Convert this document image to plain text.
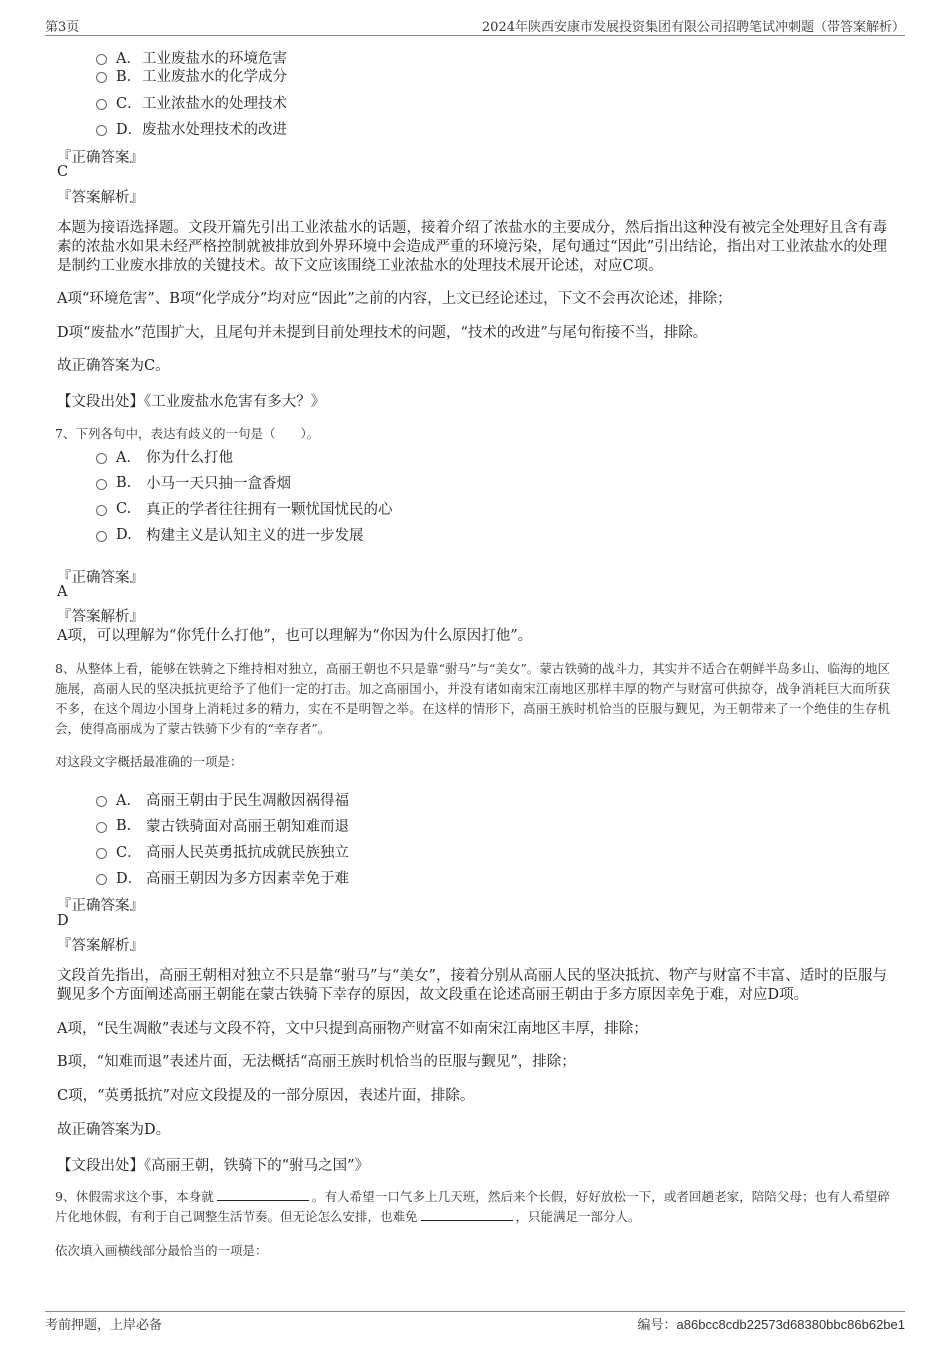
第3页	2024年陕西安康市发展投资集团有限公司招聘笔试冲刺题（带答案解析）
A． 工业废盐水的环境危害
B． 工业废盐水的化学成分
C． 工业浓盐水的处理技术
D． 废盐水处理技术的改进
『正确答案』
C
『答案解析』
本题为接语选择题。文段开篇先引出工业浓盐水的话题，接着介绍了浓盐水的主要成分，然后指出这种没有被完全处理好且含有毒素的浓盐水如果未经严格控制就被排放到外界环境中会造成严重的环境污染，尾句通过“因此”引出结论，指出对工业浓盐水的处理是制约工业废水排放的关键技术。故下文应该围绕工业浓盐水的处理技术展开论述，对应C项。
A项“环境危害”、B项“化学成分”均对应“因此”之前的内容，上文已经论述过，下文不会再次论述，排除；
D项“废盐水”范围扩大，且尾句并未提到目前处理技术的问题，“技术的改进”与尾句衔接不当，排除。
故正确答案为C。
【文段出处】《工业废盐水危害有多大？》
7、下列各句中，表达有歧义的一句是（　　）。
A． 你为什么打他
B.	小马一天只抽一盒香烟
C.	真正的学者往往拥有一颗忧国忧民的心
D. 构建主义是认知主义的进一步发展
『正确答案』
A
『答案解析』
A项，可以理解为“你凭什么打他”，也可以理解为“你因为什么原因打他”。
8、从整体上看，能够在铁骑之下维持相对独立，高丽王朝也不只是靠“驸马”与“美女”。蒙古铁骑的战斗力，其实并不适合在朝鲜半岛多山、临海的地区施展，高丽人民的坚决抵抗更给予了他们一定的打击。加之高丽国小，并没有诸如南宋江南地区那样丰厚的物产与财富可供掠夺，战争消耗巨大而所获不多，在这个周边小国身上消耗过多的精力，实在不是明智之举。在这样的情形下，高丽王族时机恰当的臣服与觐见，为王朝带来了一个绝佳的生存机会，使得高丽成为了蒙古铁骑下少有的“幸存者”。
对这段文字概括最准确的一项是：
A． 高丽王朝由于民生凋敝因祸得福
B.	蒙古铁骑面对高丽王朝知难而退
C． 高丽人民英勇抵抗成就民族独立
D． 高丽王朝因为多方因素幸免于难
『正确答案』
D
『答案解析』
文段首先指出，高丽王朝相对独立不只是靠“驸马”与“美女”，接着分别从高丽人民的坚决抵抗、物产与财富不丰富、适时的臣服与觐见多个方面阐述高丽王朝能在蒙古铁骑下幸存的原因，故文段重在论述高丽王朝由于多方原因幸免于难，对应D项。
A项，“民生凋敝”表述与文段不符，文中只提到高丽物产财富不如南宋江南地区丰厚，排除；
B项，“知难而退”表述片面，无法概括“高丽王族时机恰当的臣服与觐见”，排除；
C项，“英勇抵抗”对应文段提及的一部分原因，表述片面，排除。
故正确答案为D。
【文段出处】《高丽王朝，铁骑下的“驸马之国”》
9、休假需求这个事，本身就	。有人希望一口气多上几天班，然后来个长假，好好放松一下，或者回趟老家，陪陪父母；也有人希望碎片化地休假，有利于自己调整生活节奏。但无论怎么安排，也难免	，只能满足一部分人。
依次填入画横线部分最恰当的一项是：
考前押题，上岸必备	编号：a86bcc8cdb22573d68380bbc86b62be1
